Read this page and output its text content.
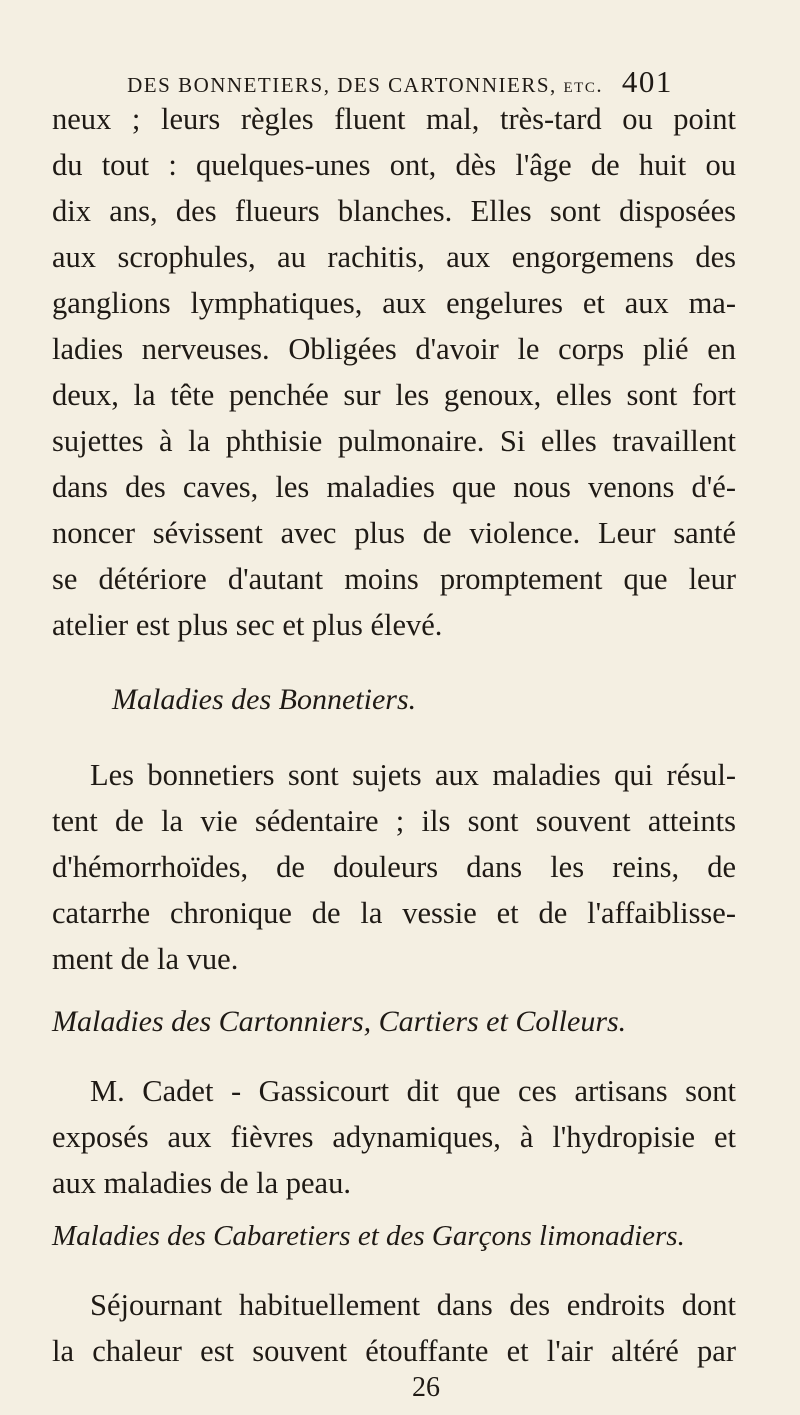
DES BONNETIERS, DES CARTONNIERS, etc. 401
neux ; leurs règles fluent mal, très-tard ou point
du tout : quelques-unes ont, dès l'âge de huit ou
dix ans, des flueurs blanches. Elles sont disposées
aux scrophules, au rachitis, aux engorgemens des
ganglions lymphatiques, aux engelures et aux ma-
ladies nerveuses. Obligées d'avoir le corps plié en
deux, la tête penchée sur les genoux, elles sont fort
sujettes à la phthisie pulmonaire. Si elles travaillent
dans des caves, les maladies que nous venons d'é-
noncer sévissent avec plus de violence. Leur santé
se détériore d'autant moins promptement que leur
atelier est plus sec et plus élevé.
Maladies des Bonnetiers.
Les bonnetiers sont sujets aux maladies qui résul-
tent de la vie sédentaire ; ils sont souvent atteints
d'hémorrhoïdes, de douleurs dans les reins, de
catarrhe chronique de la vessie et de l'affaiblisse-
ment de la vue.
Maladies des Cartonniers, Cartiers et Colleurs.
M. Cadet - Gassicourt dit que ces artisans sont
exposés aux fièvres adynamiques, à l'hydropisie et
aux maladies de la peau.
Maladies des Cabaretiers et des Garçons limonadiers.
Séjournant habituellement dans des endroits dont
la chaleur est souvent étouffante et l'air altéré par
26
